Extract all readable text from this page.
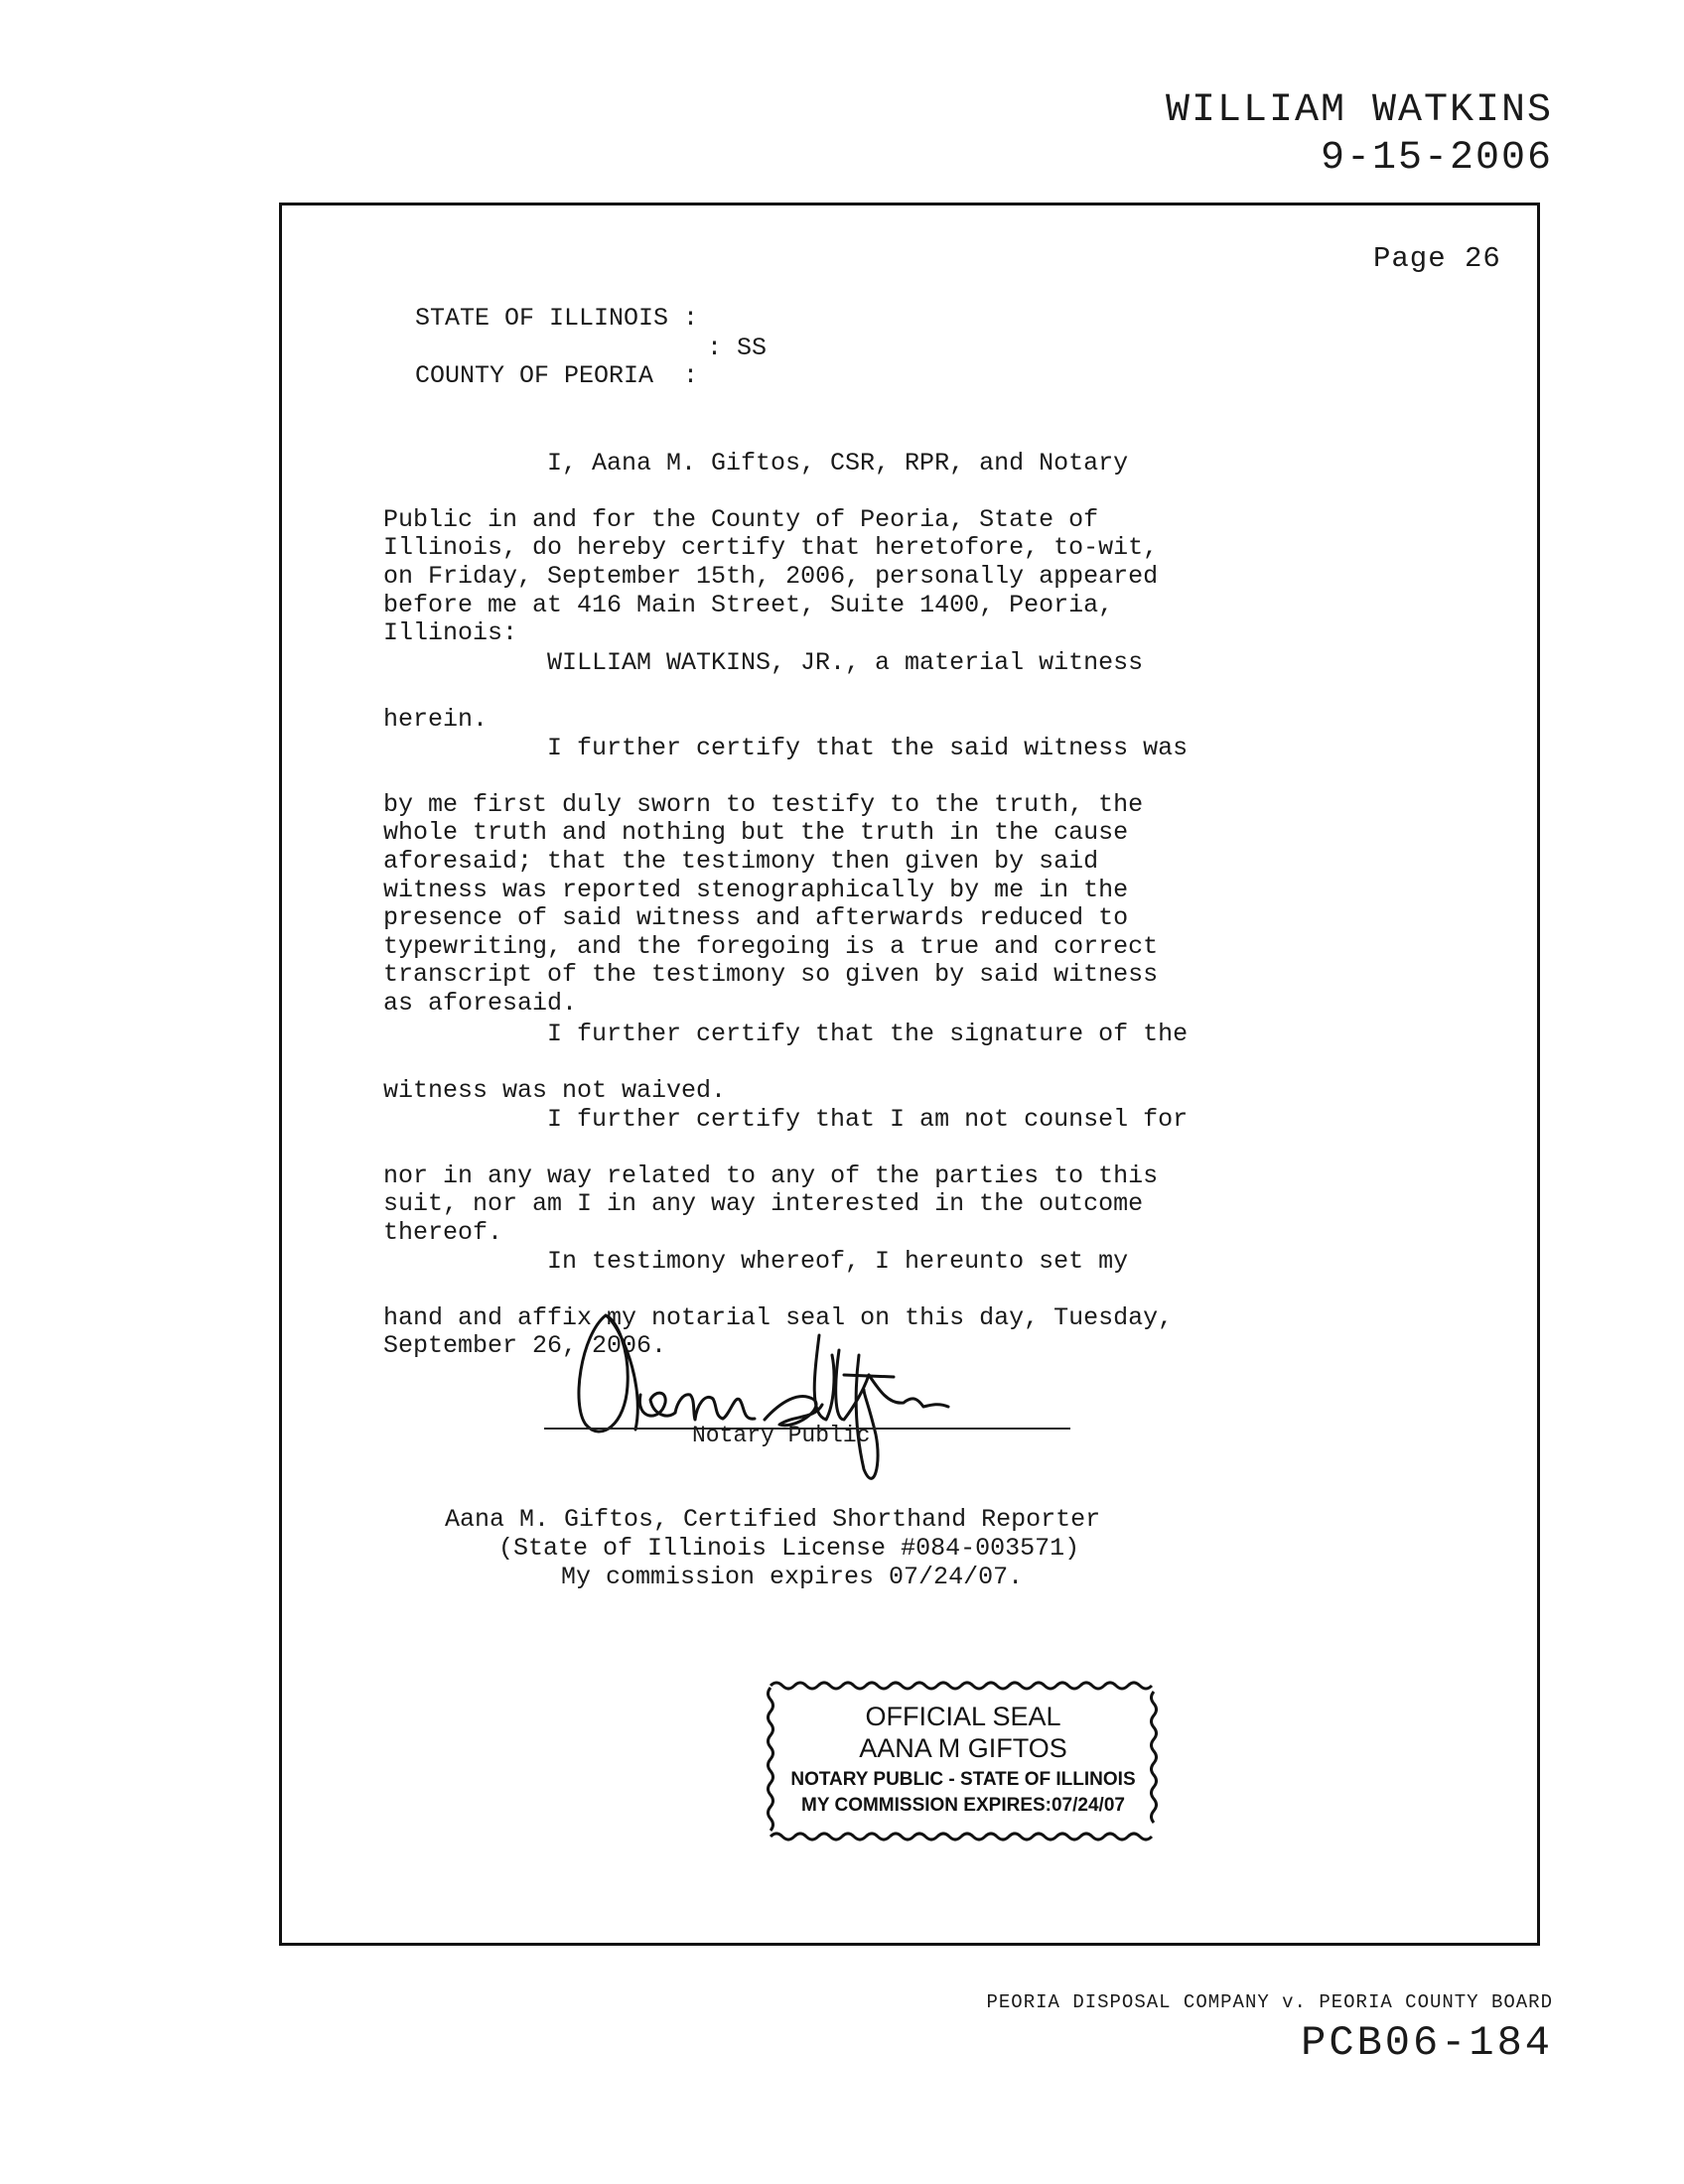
WILLIAM WATKINS
9-15-2006
Page 26
STATE OF ILLINOIS :
: SS
COUNTY OF PEORIA  :

I, Aana M. Giftos, CSR, RPR, and Notary

Public in and for the County of Peoria, State of
Illinois, do hereby certify that heretofore, to-wit,
on Friday, September 15th, 2006, personally appeared
before me at 416 Main Street, Suite 1400, Peoria,
Illinois:

WILLIAM WATKINS, JR., a material witness

herein.

I further certify that the said witness was

by me first duly sworn to testify to the truth, the
whole truth and nothing but the truth in the cause
aforesaid; that the testimony then given by said
witness was reported stenographically by me in the
presence of said witness and afterwards reduced to
typewriting, and the foregoing is a true and correct
transcript of the testimony so given by said witness
as aforesaid.

I further certify that the signature of the

witness was not waived.

I further certify that I am not counsel for

nor in any way related to any of the parties to this
suit, nor am I in any way interested in the outcome
thereof.

In testimony whereof, I hereunto set my

hand and affix my notarial seal on this day, Tuesday,
September 26, 2006.

Notary Public
Aana M. Giftos, Certified Shorthand Reporter
(State of Illinois License #084-003571)
My commission expires 07/24/07.
OFFICIAL SEAL
AANA M GIFTOS
NOTARY PUBLIC - STATE OF ILLINOIS
MY COMMISSION EXPIRES:07/24/07
PEORIA DISPOSAL COMPANY v. PEORIA COUNTY BOARD
PCB06-184
